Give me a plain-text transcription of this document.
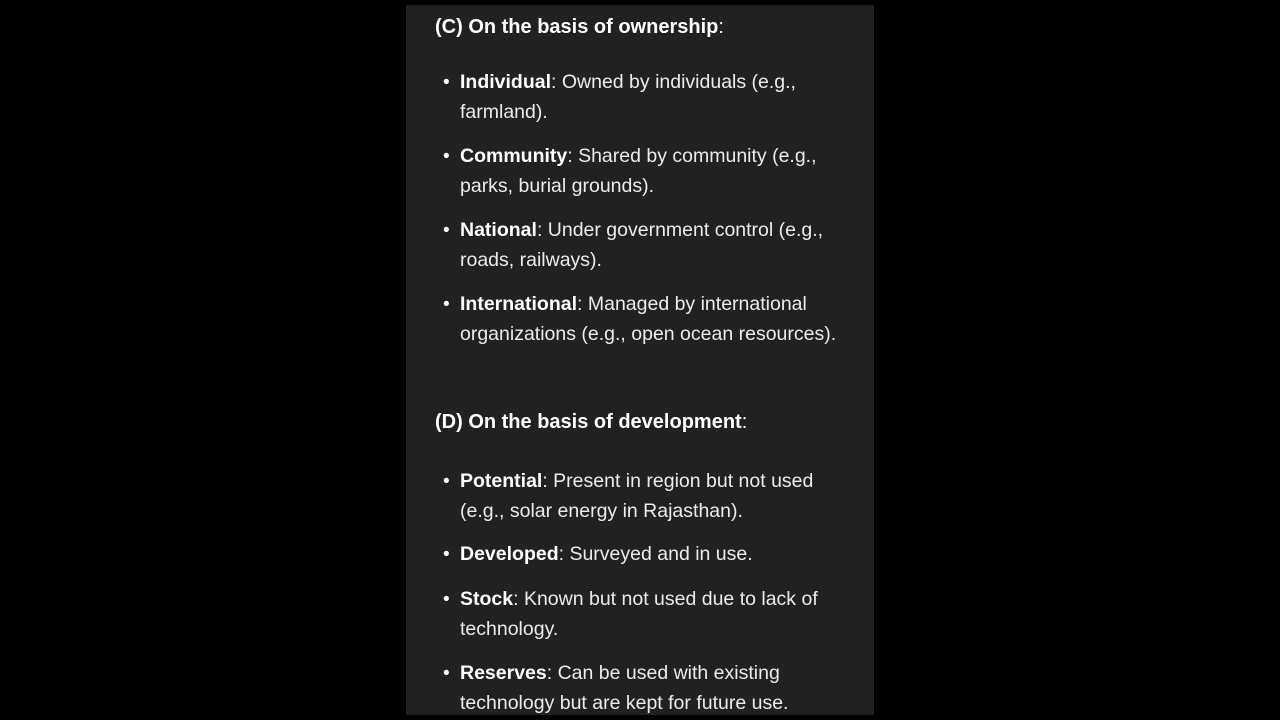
(C) On the basis of ownership:
• Individual: Owned by individuals (e.g., farmland).
• Community: Shared by community (e.g., parks, burial grounds).
• National: Under government control (e.g., roads, railways).
• International: Managed by international organizations (e.g., open ocean resources).
(D) On the basis of development:
• Potential: Present in region but not used (e.g., solar energy in Rajasthan).
• Developed: Surveyed and in use.
• Stock: Known but not used due to lack of technology.
• Reserves: Can be used with existing technology but are kept for future use.
